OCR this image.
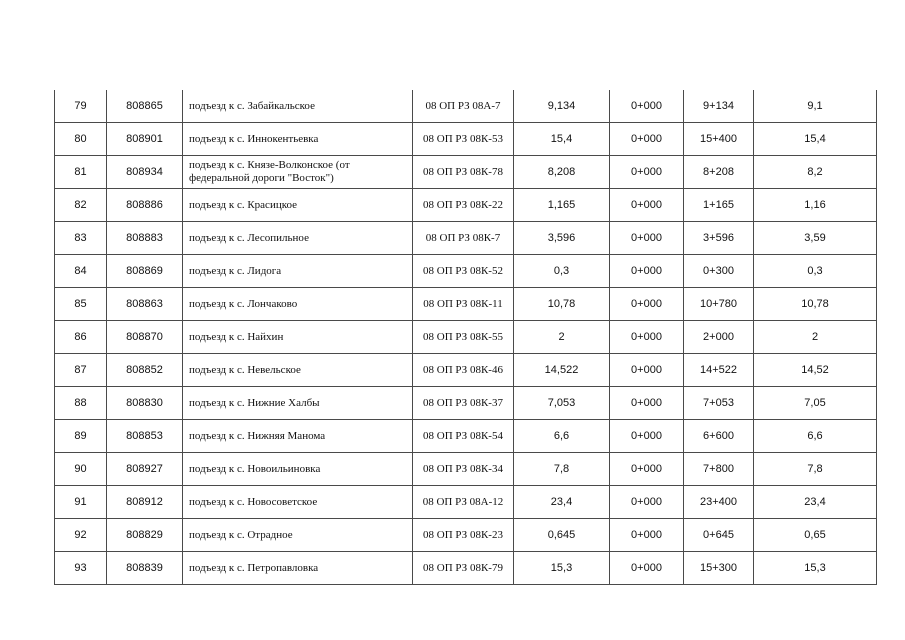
79	808865	подъезд к с. Забайкальское	08 ОП РЗ 08А-7	9,134	0+000	9+134	9,1
80	808901	подъезд к с. Иннокентьевка	08 ОП РЗ 08К-53	15,4	0+000	15+400	15,4
81	808934	подъезд к с. Князе-Волконское (от федеральной дороги "Восток")	08 ОП РЗ 08К-78	8,208	0+000	8+208	8,2
82	808886	подъезд к с. Красицкое	08 ОП РЗ 08К-22	1,165	0+000	1+165	1,16
83	808883	подъезд к с. Лесопильное	08 ОП РЗ 08К-7	3,596	0+000	3+596	3,59
84	808869	подъезд к с. Лидога	08 ОП РЗ 08К-52	0,3	0+000	0+300	0,3
85	808863	подъезд к с. Лончаково	08 ОП РЗ 08К-11	10,78	0+000	10+780	10,78
86	808870	подъезд к с. Найхин	08 ОП РЗ 08К-55	2	0+000	2+000	2
87	808852	подъезд к с. Невельское	08 ОП РЗ 08К-46	14,522	0+000	14+522	14,52
88	808830	подъезд к с. Нижние Халбы	08 ОП РЗ 08К-37	7,053	0+000	7+053	7,05
89	808853	подъезд к с. Нижняя Манома	08 ОП РЗ 08К-54	6,6	0+000	6+600	6,6
90	808927	подъезд к с. Новоильиновка	08 ОП РЗ 08К-34	7,8	0+000	7+800	7,8
91	808912	подъезд к с. Новосоветское	08 ОП РЗ 08А-12	23,4	0+000	23+400	23,4
92	808829	подъезд к с. Отрадное	08 ОП РЗ 08К-23	0,645	0+000	0+645	0,65
93	808839	подъезд к с. Петропавловка	08 ОП РЗ 08К-79	15,3	0+000	15+300	15,3
